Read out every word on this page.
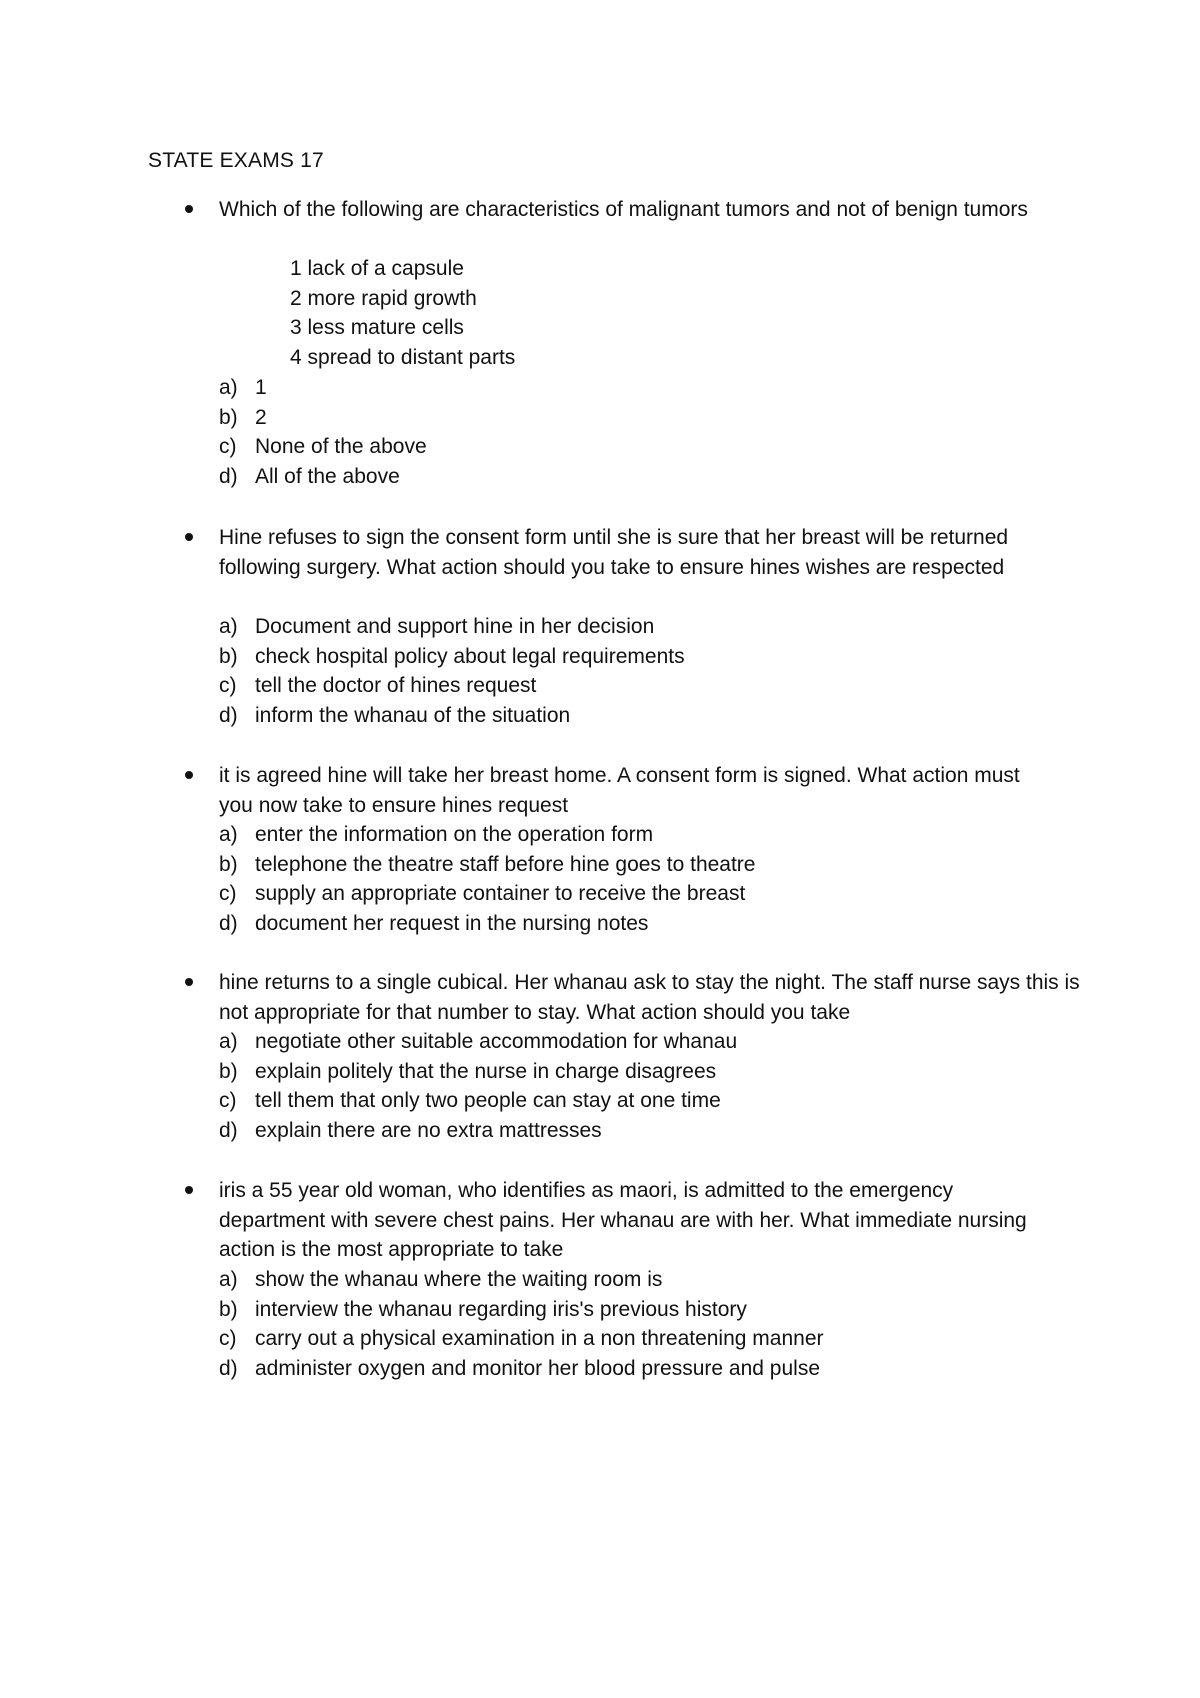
STATE EXAMS 17
Which of the following are characteristics of malignant tumors and not of benign tumors
1 lack of a capsule
2 more rapid growth
3 less mature cells
4 spread to distant parts
a) 1
b) 2
c) None of the above
d) All of the above
Hine refuses to sign the consent form until she is sure that her breast will be returned following surgery. What action should you take to ensure hines wishes are respected
a) Document and support hine in her decision
b) check hospital policy about legal requirements
c) tell the doctor of hines request
d) inform the whanau of the situation
it is agreed hine will take her breast home. A consent form is signed. What action must you now take to ensure hines request
a) enter the information on the operation form
b) telephone the theatre staff before hine goes to theatre
c) supply an appropriate container to receive the breast
d) document her request in the nursing notes
hine returns to a single cubical. Her whanau ask to stay the night. The staff nurse says this is not appropriate for that number to stay. What action should you take
a) negotiate other suitable accommodation for whanau
b) explain politely that the nurse in charge disagrees
c) tell them that only two people can stay at one time
d) explain there are no extra mattresses
iris a 55 year old woman, who identifies as maori, is admitted to the emergency department with severe chest pains. Her whanau are with her. What immediate nursing action is the most appropriate to take
a) show the whanau where the waiting room is
b) interview the whanau regarding iris's previous history
c) carry out a physical examination in a non threatening manner
d) administer oxygen and monitor her blood pressure and pulse
